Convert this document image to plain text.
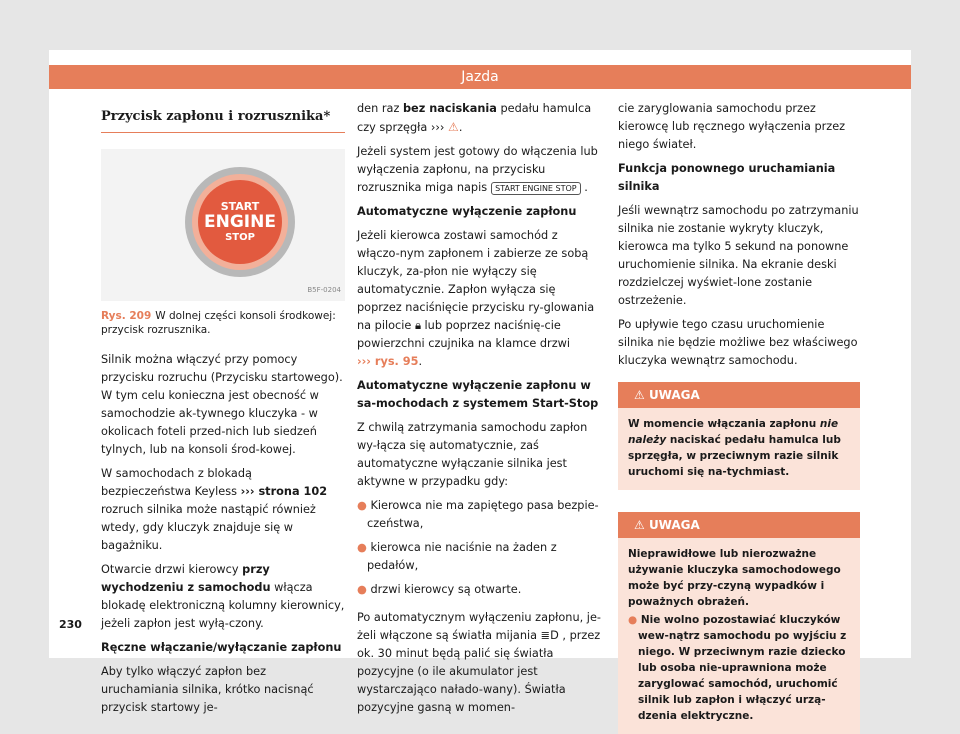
Jazda
Przycisk zapłonu i rozrusznika*
START
ENGINE
STOP
B5F-0204
Rys. 209 W dolnej części konsoli środkowej: przycisk rozrusznika.

Silnik można włączyć przy pomocy przycisku rozruchu (Przycisku startowego). W tym celu konieczna jest obecność w samochodzie ak-tywnego kluczyka - w okolicach foteli przed-nich lub siedzeń tylnych, lub na konsoli środ-kowej.

W samochodach z blokadą bezpieczeństwa Keyless ››› strona 102 rozruch silnika może nastąpić również wtedy, gdy kluczyk znajduje się w bagażniku.

Otwarcie drzwi kierowcy przy wychodzeniu z samochodu włącza blokadę elektroniczną kolumny kierownicy, jeżeli zapłon jest wyłą-czony.

Ręczne włączanie/wyłączanie zapłonu

Aby tylko włączyć zapłon bez uruchamiania silnika, krótko nacisnąć przycisk startowy je-

den raz bez naciskania pedału hamulca czy sprzęgła ››› ⚠.

Jeżeli system jest gotowy do włączenia lub wyłączenia zapłonu, na przycisku rozrusznika miga napis START ENGINE STOP .

Automatyczne wyłączenie zapłonu

Jeżeli kierowca zostawi samochód z włączo-nym zapłonem i zabierze ze sobą kluczyk, za-płon nie wyłączy się automatycznie. Zapłon wyłącza się poprzez naciśnięcie przycisku ry-glowania na pilocie 🔒︎ lub poprzez naciśnię-cie powierzchni czujnika na klamce drzwi
››› rys. 95.

Automatyczne wyłączenie zapłonu w sa-mochodach z systemem Start-Stop

Z chwilą zatrzymania samochodu zapłon wy-łącza się automatycznie, zaś automatyczne wyłączanie silnika jest aktywne w przypadku gdy:

● Kierowca nie ma zapiętego pasa bezpie-czeństwa,

● kierowca nie naciśnie na żaden z pedałów,

● drzwi kierowcy są otwarte.

Po automatycznym wyłączeniu zapłonu, je-żeli włączone są światła mijania ≣D , przez ok. 30 minut będą palić się światła pozycyjne (o ile akumulator jest wystarczająco nałado-wany). Światła pozycyjne gasną w momen-

cie zaryglowania samochodu przez kierowcę lub ręcznego wyłączenia przez niego świateł.

Funkcja ponownego uruchamiania silnika

Jeśli wewnątrz samochodu po zatrzymaniu silnika nie zostanie wykryty kluczyk, kierowca ma tylko 5 sekund na ponowne uruchomienie silnika. Na ekranie deski rozdzielczej wyświet-lone zostanie ostrzeżenie.

Po upływie tego czasu uruchomienie silnika nie będzie możliwe bez właściwego kluczyka wewnątrz samochodu.

⚠ UWAGA
W momencie włączania zapłonu nie należy naciskać pedału hamulca lub sprzęgła, w przeciwnym razie silnik uruchomi się na-tychmiast.
⚠ UWAGA
Nieprawidłowe lub nierozważne używanie kluczyka samochodowego może być przy-czyną wypadków i poważnych obrażeń.
● Nie wolno pozostawiać kluczyków wew-nątrz samochodu po wyjściu z niego. W przeciwnym razie dziecko lub osoba nie-uprawniona może zaryglować samochód, uruchomić silnik lub zapłon i włączyć urzą-dzenia elektryczne.
230
